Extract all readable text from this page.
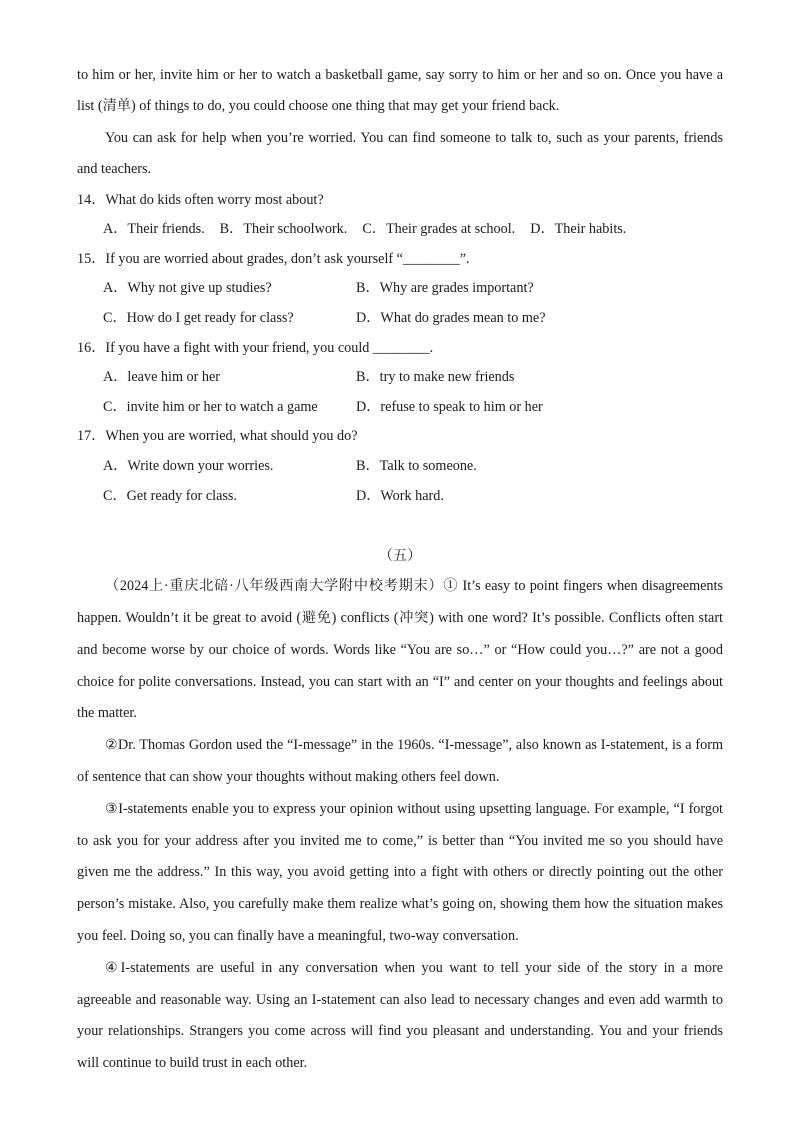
to him or her, invite him or her to watch a basketball game, say sorry to him or her and so on. Once you have a list (清单) of things to do, you could choose one thing that may get your friend back.

You can ask for help when you’re worried. You can find someone to talk to, such as your parents, friends and teachers.

14．What do kids often worry most about?

A．Their friends. B．Their schoolwork. C．Their grades at school. D．Their habits.

15．If you are worried about grades, don’t ask yourself “________”.

A．Why not give up studies?	B．Why are grades important?
C．How do I get ready for class?	D．What do grades mean to me?

16．If you have a fight with your friend, you could ________.

A．leave him or her	B．try to make new friends
C．invite him or her to watch a game	D．refuse to speak to him or her

17．When you are worried, what should you do?

A．Write down your worries.	B．Talk to someone.
C．Get ready for class.	D．Work hard.
（五）

（2024上·重庆北碚·八年级西南大学附中校考期末）① It’s easy to point fingers when disagreements happen. Wouldn’t it be great to avoid (避免) conflicts (冲突) with one word? It’s possible. Conflicts often start and become worse by our choice of words. Words like “You are so…” or “How could you…?” are not a good choice for polite conversations. Instead, you can start with an “I” and center on your thoughts and feelings about the matter.

②Dr. Thomas Gordon used the “I-message” in the 1960s. “I-message”, also known as I-statement, is a form of sentence that can show your thoughts without making others feel down.

③I-statements enable you to express your opinion without using upsetting language. For example, “I forgot to ask you for your address after you invited me to come,” is better than “You invited me so you should have given me the address.” In this way, you avoid getting into a fight with others or directly pointing out the other person’s mistake. Also, you carefully make them realize what’s going on, showing them how the situation makes you feel. Doing so, you can finally have a meaningful, two-way conversation.

④I-statements are useful in any conversation when you want to tell your side of the story in a more agreeable and reasonable way. Using an I-statement can also lead to necessary changes and even add warmth to your relationships. Strangers you come across will find you pleasant and understanding. You and your friends will continue to build trust in each other.
